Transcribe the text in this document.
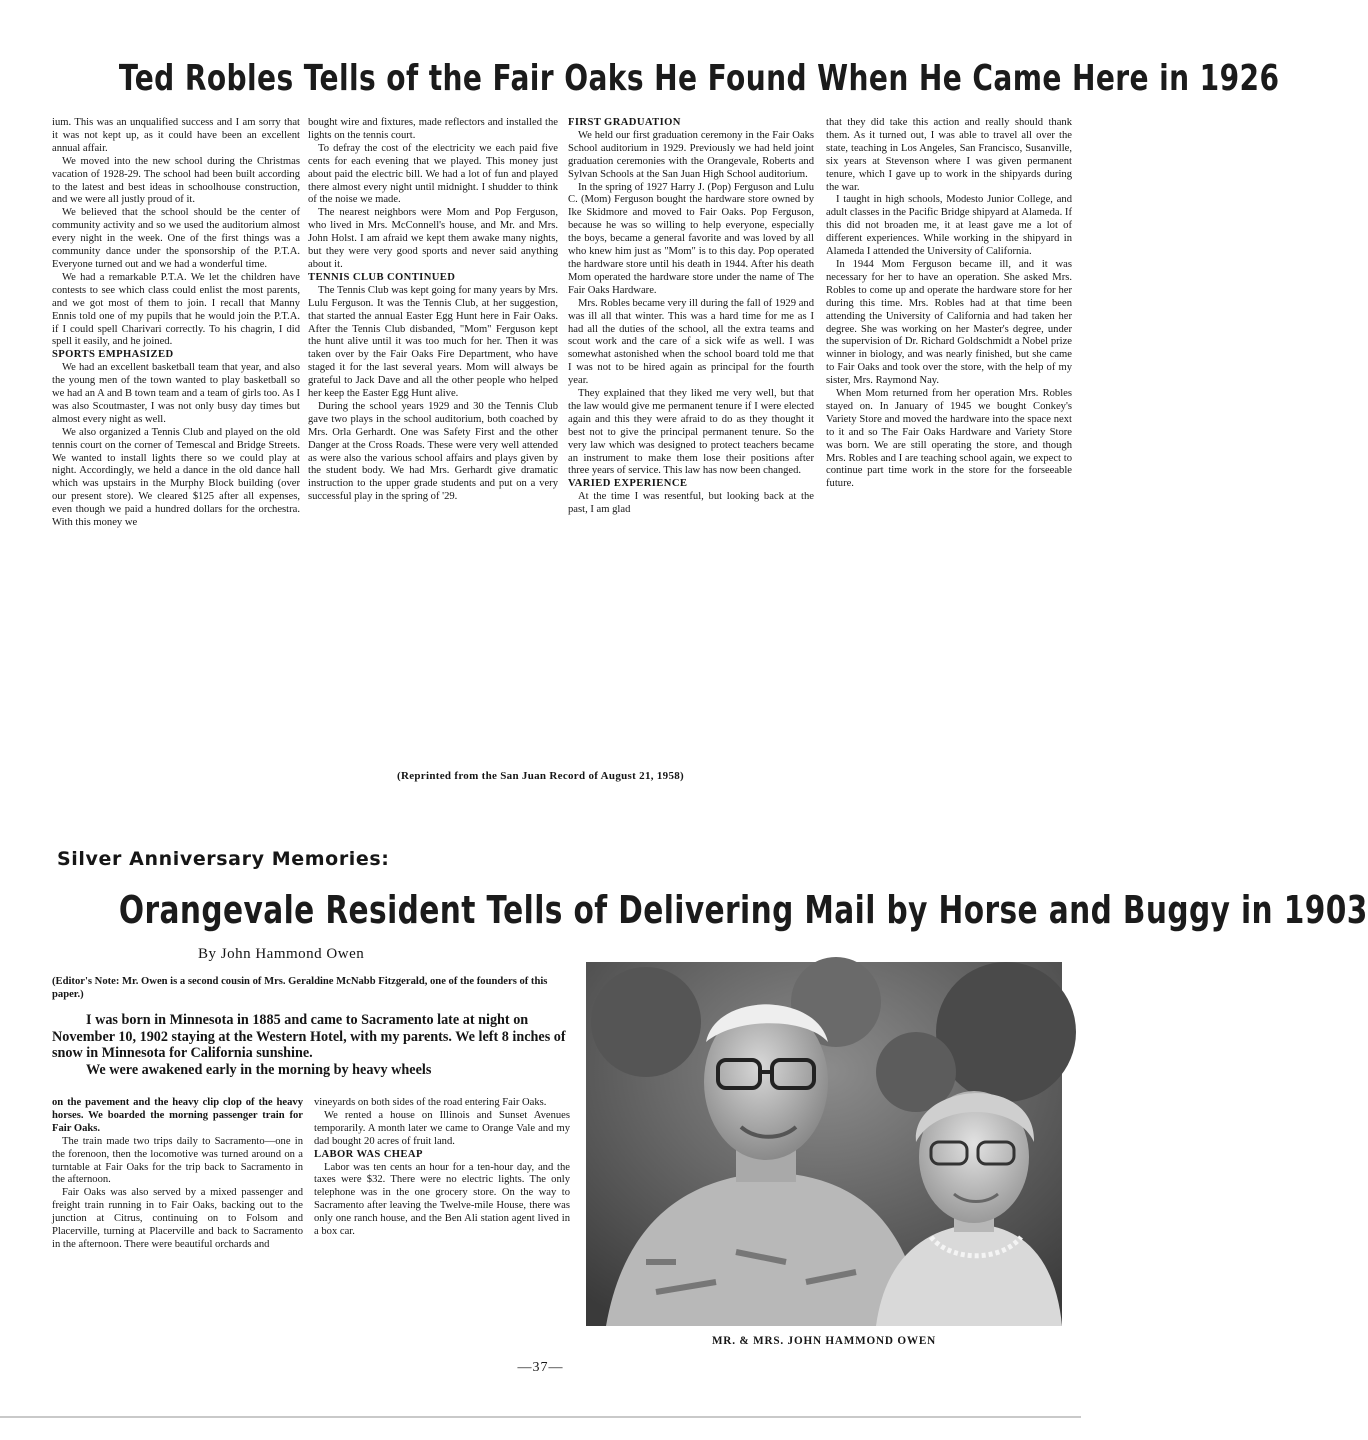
Ted Robles Tells of the Fair Oaks He Found When He Came Here in 1926

ium. This was an unqualified success and I am sorry that it was not kept up, as it could have been an excellent annual affair.

We moved into the new school during the Christmas vacation of 1928-29. The school had been built according to the latest and best ideas in schoolhouse construction, and we were all justly proud of it.

We believed that the school should be the center of community activity and so we used the auditorium almost every night in the week. One of the first things was a community dance under the sponsorship of the P.T.A. Everyone turned out and we had a wonderful time.

We had a remarkable P.T.A. We let the children have contests to see which class could enlist the most parents, and we got most of them to join. I recall that Manny Ennis told one of my pupils that he would join the P.T.A. if I could spell Charivari correctly. To his chagrin, I did spell it easily, and he joined.

SPORTS EMPHASIZED

We had an excellent basketball team that year, and also the young men of the town wanted to play basketball so we had an A and B town team and a team of girls too. As I was also Scoutmaster, I was not only busy day times but almost every night as well.

We also organized a Tennis Club and played on the old tennis court on the corner of Temescal and Bridge Streets. We wanted to install lights there so we could play at night. Accordingly, we held a dance in the old dance hall which was upstairs in the Murphy Block building (over our present store). We cleared $125 after all expenses, even though we paid a hundred dollars for the orchestra. With this money we

bought wire and fixtures, made reflectors and installed the lights on the tennis court.

To defray the cost of the electricity we each paid five cents for each evening that we played. This money just about paid the electric bill. We had a lot of fun and played there almost every night until midnight. I shudder to think of the noise we made.

The nearest neighbors were Mom and Pop Ferguson, who lived in Mrs. McConnell's house, and Mr. and Mrs. John Holst. I am afraid we kept them awake many nights, but they were very good sports and never said anything about it.

TENNIS CLUB CONTINUED

The Tennis Club was kept going for many years by Mrs. Lulu Ferguson. It was the Tennis Club, at her suggestion, that started the annual Easter Egg Hunt here in Fair Oaks. After the Tennis Club disbanded, "Mom" Ferguson kept the hunt alive until it was too much for her. Then it was taken over by the Fair Oaks Fire Department, who have staged it for the last several years. Mom will always be grateful to Jack Dave and all the other people who helped her keep the Easter Egg Hunt alive.

During the school years 1929 and 30 the Tennis Club gave two plays in the school auditorium, both coached by Mrs. Orla Gerhardt. One was Safety First and the other Danger at the Cross Roads. These were very well attended as were also the various school affairs and plays given by the student body. We had Mrs. Gerhardt give dramatic instruction to the upper grade students and put on a very successful play in the spring of '29.

FIRST GRADUATION

We held our first graduation ceremony in the Fair Oaks School auditorium in 1929. Previously we had held joint graduation ceremonies with the Orangevale, Roberts and Sylvan Schools at the San Juan High School auditorium.

In the spring of 1927 Harry J. (Pop) Ferguson and Lulu C. (Mom) Ferguson bought the hardware store owned by Ike Skidmore and moved to Fair Oaks. Pop Ferguson, because he was so willing to help everyone, especially the boys, became a general favorite and was loved by all who knew him just as "Mom" is to this day. Pop operated the hardware store until his death in 1944. After his death Mom operated the hardware store under the name of The Fair Oaks Hardware.

Mrs. Robles became very ill during the fall of 1929 and was ill all that winter. This was a hard time for me as I had all the duties of the school, all the extra teams and scout work and the care of a sick wife as well. I was somewhat astonished when the school board told me that I was not to be hired again as principal for the fourth year.

They explained that they liked me very well, but that the law would give me permanent tenure if I were elected again and this they were afraid to do as they thought it best not to give the principal permanent tenure. So the very law which was designed to protect teachers became an instrument to make them lose their positions after three years of service. This law has now been changed.

VARIED EXPERIENCE

At the time I was resentful, but looking back at the past, I am glad

that they did take this action and really should thank them. As it turned out, I was able to travel all over the state, teaching in Los Angeles, San Francisco, Susanville, six years at Stevenson where I was given permanent tenure, which I gave up to work in the shipyards during the war.

I taught in high schools, Modesto Junior College, and adult classes in the Pacific Bridge shipyard at Alameda. If this did not broaden me, it at least gave me a lot of different experiences. While working in the shipyard in Alameda I attended the University of California.

In 1944 Mom Ferguson became ill, and it was necessary for her to have an operation. She asked Mrs. Robles to come up and operate the hardware store for her during this time. Mrs. Robles had at that time been attending the University of California and had taken her degree. She was working on her Master's degree, under the supervision of Dr. Richard Goldschmidt a Nobel prize winner in biology, and was nearly finished, but she came to Fair Oaks and took over the store, with the help of my sister, Mrs. Raymond Nay.

When Mom returned from her operation Mrs. Robles stayed on. In January of 1945 we bought Conkey's Variety Store and moved the hardware into the space next to it and so The Fair Oaks Hardware and Variety Store was born. We are still operating the store, and though Mrs. Robles and I are teaching school again, we expect to continue part time work in the store for the forseeable future.

(Reprinted from the San Juan Record of August 21, 1958)
Silver Anniversary Memories:
Orangevale Resident Tells of Delivering Mail by Horse and Buggy in 1903
By John Hammond Owen
(Editor's Note: Mr. Owen is a second cousin of Mrs. Geraldine McNabb Fitzgerald, one of the founders of this paper.)

I was born in Minnesota in 1885 and came to Sacramento late at night on November 10, 1902 staying at the Western Hotel, with my parents. We left 8 inches of snow in Minnesota for California sunshine.

We were awakened early in the morning by heavy wheels

on the pavement and the heavy clip clop of the heavy horses. We boarded the morning passenger train for Fair Oaks.

The train made two trips daily to Sacramento—one in the forenoon, then the locomotive was turned around on a turntable at Fair Oaks for the trip back to Sacramento in the afternoon.

Fair Oaks was also served by a mixed passenger and freight train running in to Fair Oaks, backing out to the junction at Citrus, continuing on to Folsom and Placerville, turning at Placerville and back to Sacramento in the afternoon. There were beautiful orchards and

vineyards on both sides of the road entering Fair Oaks.

We rented a house on Illinois and Sunset Avenues temporarily. A month later we came to Orange Vale and my dad bought 20 acres of fruit land.

LABOR WAS CHEAP

Labor was ten cents an hour for a ten-hour day, and the taxes were $32. There were no electric lights. The only telephone was in the one grocery store. On the way to Sacramento after leaving the Twelve-mile House, there was only one ranch house, and the Ben Ali station agent lived in a box car.

MR. & MRS. JOHN HAMMOND OWEN
—37—
